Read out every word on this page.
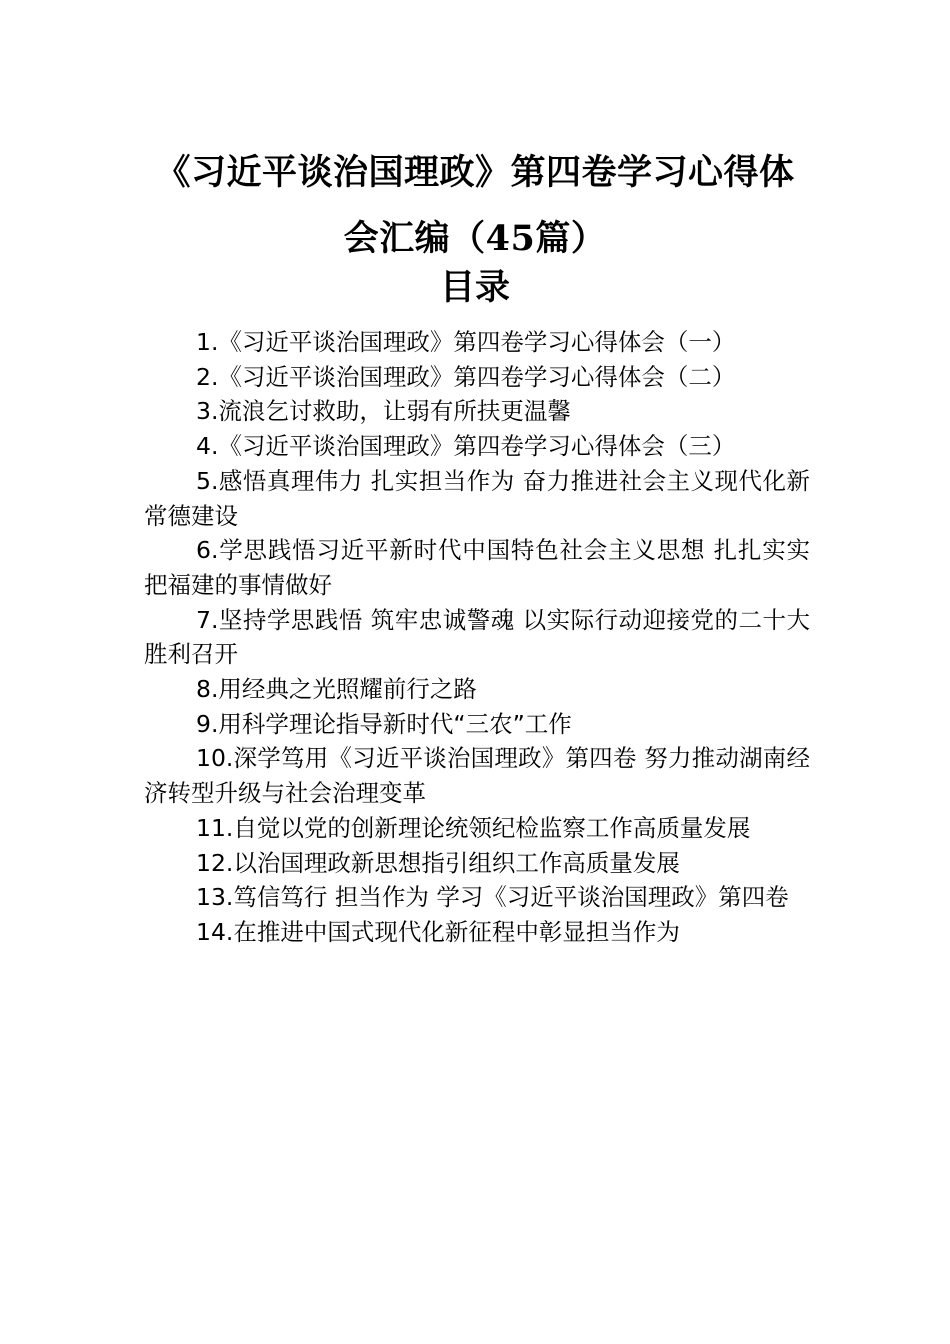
《习近平谈治国理政》第四卷学习心得体
会汇编（45篇）
目录
1.《习近平谈治国理政》第四卷学习心得体会（一）
2.《习近平谈治国理政》第四卷学习心得体会（二）
3.流浪乞讨救助，让弱有所扶更温馨
4.《习近平谈治国理政》第四卷学习心得体会（三）
5.感悟真理伟力 扎实担当作为 奋力推进社会主义现代化新常德建设
6.学思践悟习近平新时代中国特色社会主义思想 扎扎实实把福建的事情做好
7.坚持学思践悟 筑牢忠诚警魂 以实际行动迎接党的二十大胜利召开
8.用经典之光照耀前行之路
9.用科学理论指导新时代“三农”工作
10.深学笃用《习近平谈治国理政》第四卷 努力推动湖南经济转型升级与社会治理变革
11.自觉以党的创新理论统领纪检监察工作高质量发展
12.以治国理政新思想指引组织工作高质量发展
13.笃信笃行 担当作为 学习《习近平谈治国理政》第四卷
14.在推进中国式现代化新征程中彰显担当作为
